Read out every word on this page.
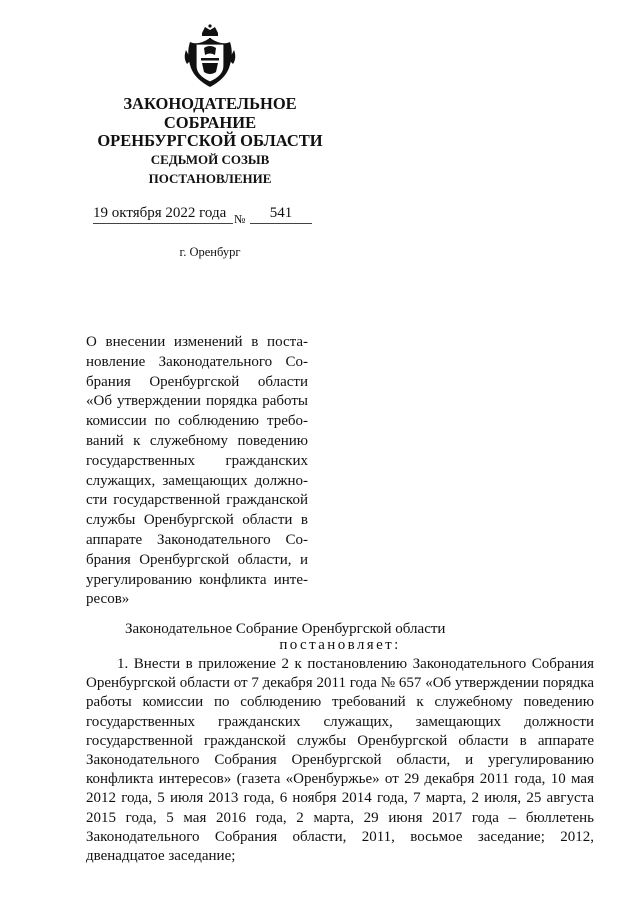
ЗАКОНОДАТЕЛЬНОЕ
СОБРАНИЕ
ОРЕНБУРГСКОЙ ОБЛАСТИ
СЕДЬМОЙ СОЗЫВ
ПОСТАНОВЛЕНИЕ
19 октября 2022 года №	541
г. Оренбург
О внесении изменений в постановление Законодательного Собрания Оренбургской области «Об утверждении порядка работы комиссии по соблюдению требований к служебному поведению государственных гражданских служащих, замещающих должности государственной гражданской службы Оренбургской области в аппарате Законодательного Собрания Оренбургской области, и урегулированию конфликта интересов»
Законодательное Собрание Оренбургской области
постановляет:

1. Внести в приложение 2 к постановлению Законодательного Собрания Оренбургской области от 7 декабря 2011 года № 657 «Об утверждении порядка работы комиссии по соблюдению требований к служебному поведению государственных гражданских служащих, замещающих должности государственной гражданской службы Оренбургской области в аппарате Законодательного Собрания Оренбургской области, и урегулированию конфликта интересов» (газета «Оренбуржье» от 29 декабря 2011 года, 10 мая 2012 года, 5 июля 2013 года, 6 ноября 2014 года, 7 марта, 2 июля, 25 августа 2015 года, 5 мая 2016 года, 2 марта, 29 июня 2017 года – бюллетень Законодательного Собрания области, 2011, восьмое заседание; 2012, двенадцатое заседание;
